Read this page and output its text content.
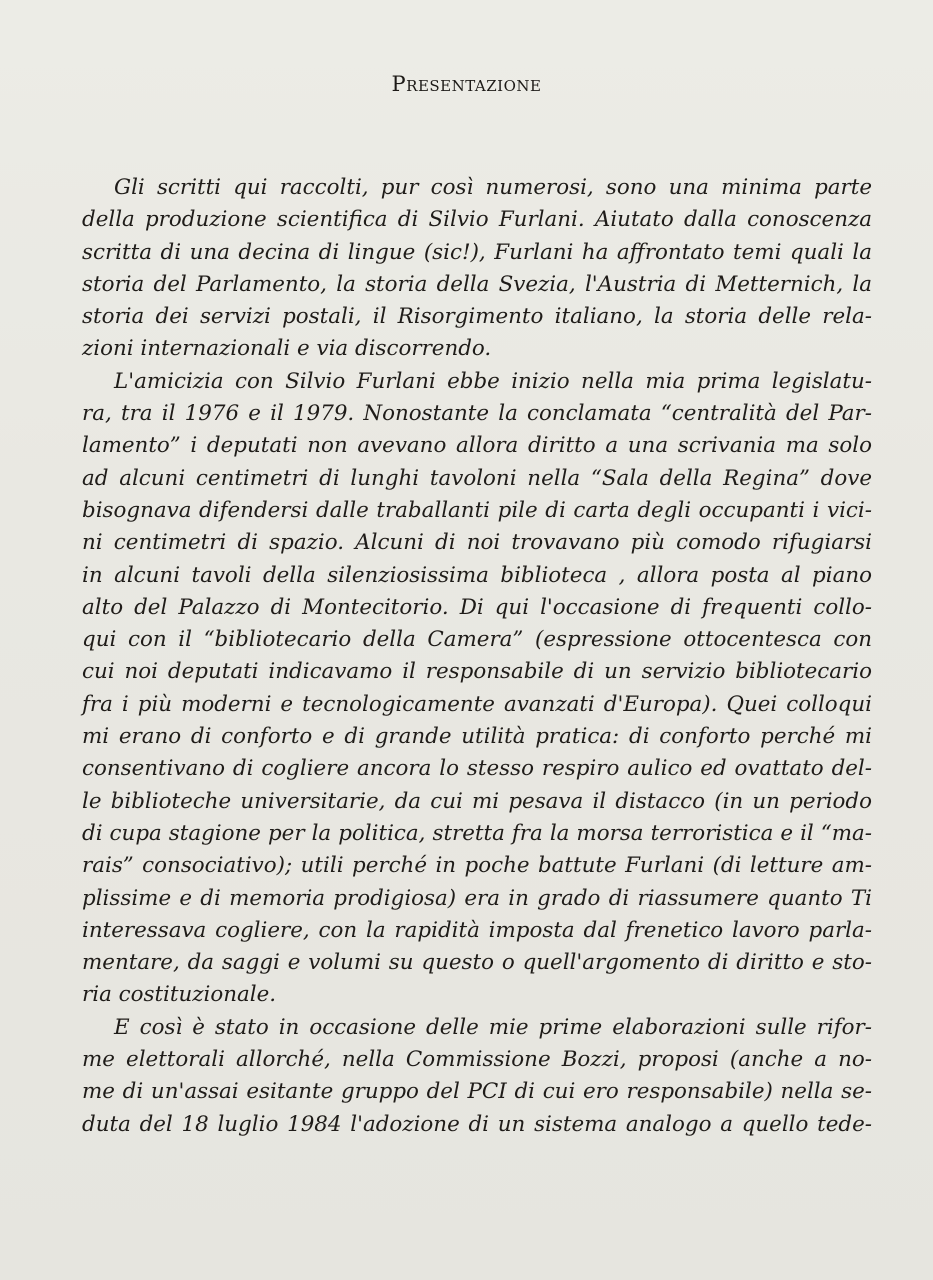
Presentazione
Gli scritti qui raccolti, pur così numerosi, sono una minima parte
della produzione scientifica di Silvio Furlani. Aiutato dalla conoscenza
scritta di una decina di lingue (sic!), Furlani ha affrontato temi quali la
storia del Parlamento, la storia della Svezia, l'Austria di Metternich, la
storia dei servizi postali, il Risorgimento italiano, la storia delle rela-
zioni internazionali e via discorrendo.
L'amicizia con Silvio Furlani ebbe inizio nella mia prima legislatu-
ra, tra il 1976 e il 1979. Nonostante la conclamata “centralità del Par-
lamento” i deputati non avevano allora diritto a una scrivania ma solo
ad alcuni centimetri di lunghi tavoloni nella “Sala della Regina” dove
bisognava difendersi dalle traballanti pile di carta degli occupanti i vici-
ni centimetri di spazio. Alcuni di noi trovavano più comodo rifugiarsi
in alcuni tavoli della silenziosissima biblioteca , allora posta al piano
alto del Palazzo di Montecitorio. Di qui l'occasione di frequenti collo-
qui con il “bibliotecario della Camera” (espressione ottocentesca con
cui noi deputati indicavamo il responsabile di un servizio bibliotecario
fra i più moderni e tecnologicamente avanzati d'Europa). Quei colloqui
mi erano di conforto e di grande utilità pratica: di conforto perché mi
consentivano di cogliere ancora lo stesso respiro aulico ed ovattato del-
le biblioteche universitarie, da cui mi pesava il distacco (in un periodo
di cupa stagione per la politica, stretta fra la morsa terroristica e il “ma-
rais” consociativo); utili perché in poche battute Furlani (di letture am-
plissime e di memoria prodigiosa) era in grado di riassumere quanto Ti
interessava cogliere, con la rapidità imposta dal frenetico lavoro parla-
mentare, da saggi e volumi su questo o quell'argomento di diritto e sto-
ria costituzionale.
E così è stato in occasione delle mie prime elaborazioni sulle rifor-
me elettorali allorché, nella Commissione Bozzi, proposi (anche a no-
me di un'assai esitante gruppo del PCI di cui ero responsabile) nella se-
duta del 18 luglio 1984 l'adozione di un sistema analogo a quello tede-
